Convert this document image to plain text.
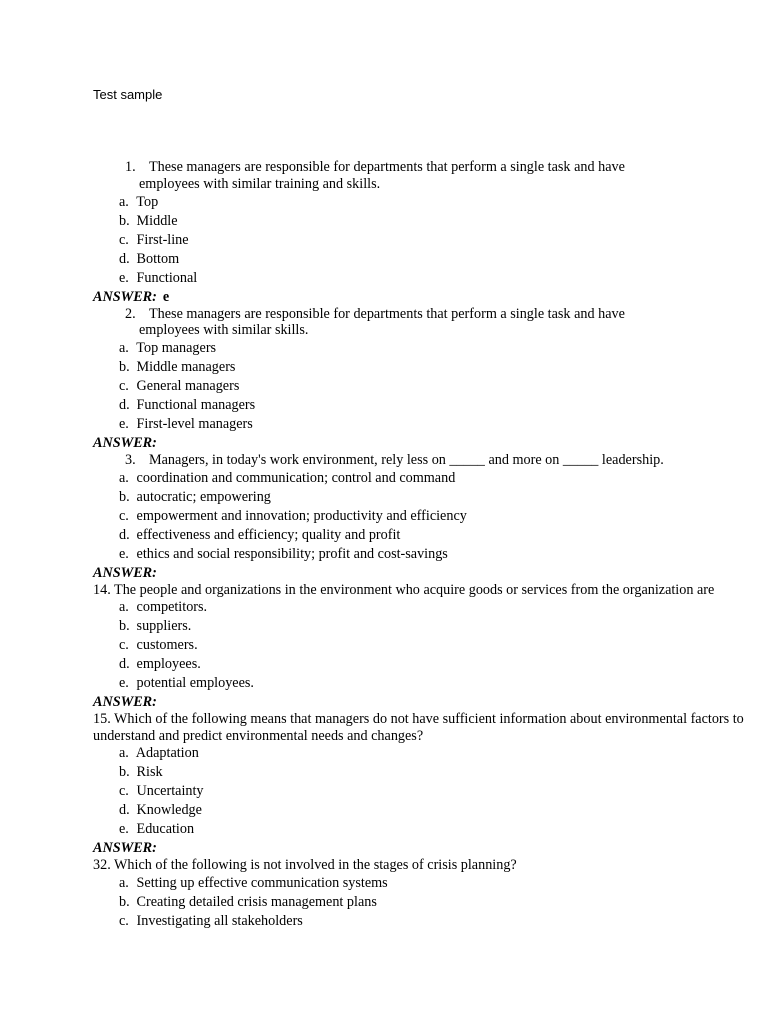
Test sample
1. These managers are responsible for departments that perform a single task and have
employees with similar training and skills.
a. Top
b. Middle
c. First-line
d. Bottom
e. Functional
ANSWER: e
2. These managers are responsible for departments that perform a single task and have
employees with similar skills.
a. Top managers
b. Middle managers
c. General managers
d. Functional managers
e. First-level managers
ANSWER:
3. Managers, in today's work environment, rely less on _____ and more on _____ leadership.
a. coordination and communication; control and command
b. autocratic; empowering
c. empowerment and innovation; productivity and efficiency
d. effectiveness and efficiency; quality and profit
e. ethics and social responsibility; profit and cost-savings
ANSWER:
14. The people and organizations in the environment who acquire goods or services from the organization are
a. competitors.
b. suppliers.
c. customers.
d. employees.
e. potential employees.
ANSWER:
15. Which of the following means that managers do not have sufficient information about environmental factors to
understand and predict environmental needs and changes?
a. Adaptation
b. Risk
c. Uncertainty
d. Knowledge
e. Education
ANSWER:
32. Which of the following is not involved in the stages of crisis planning?
a. Setting up effective communication systems
b. Creating detailed crisis management plans
c. Investigating all stakeholders
